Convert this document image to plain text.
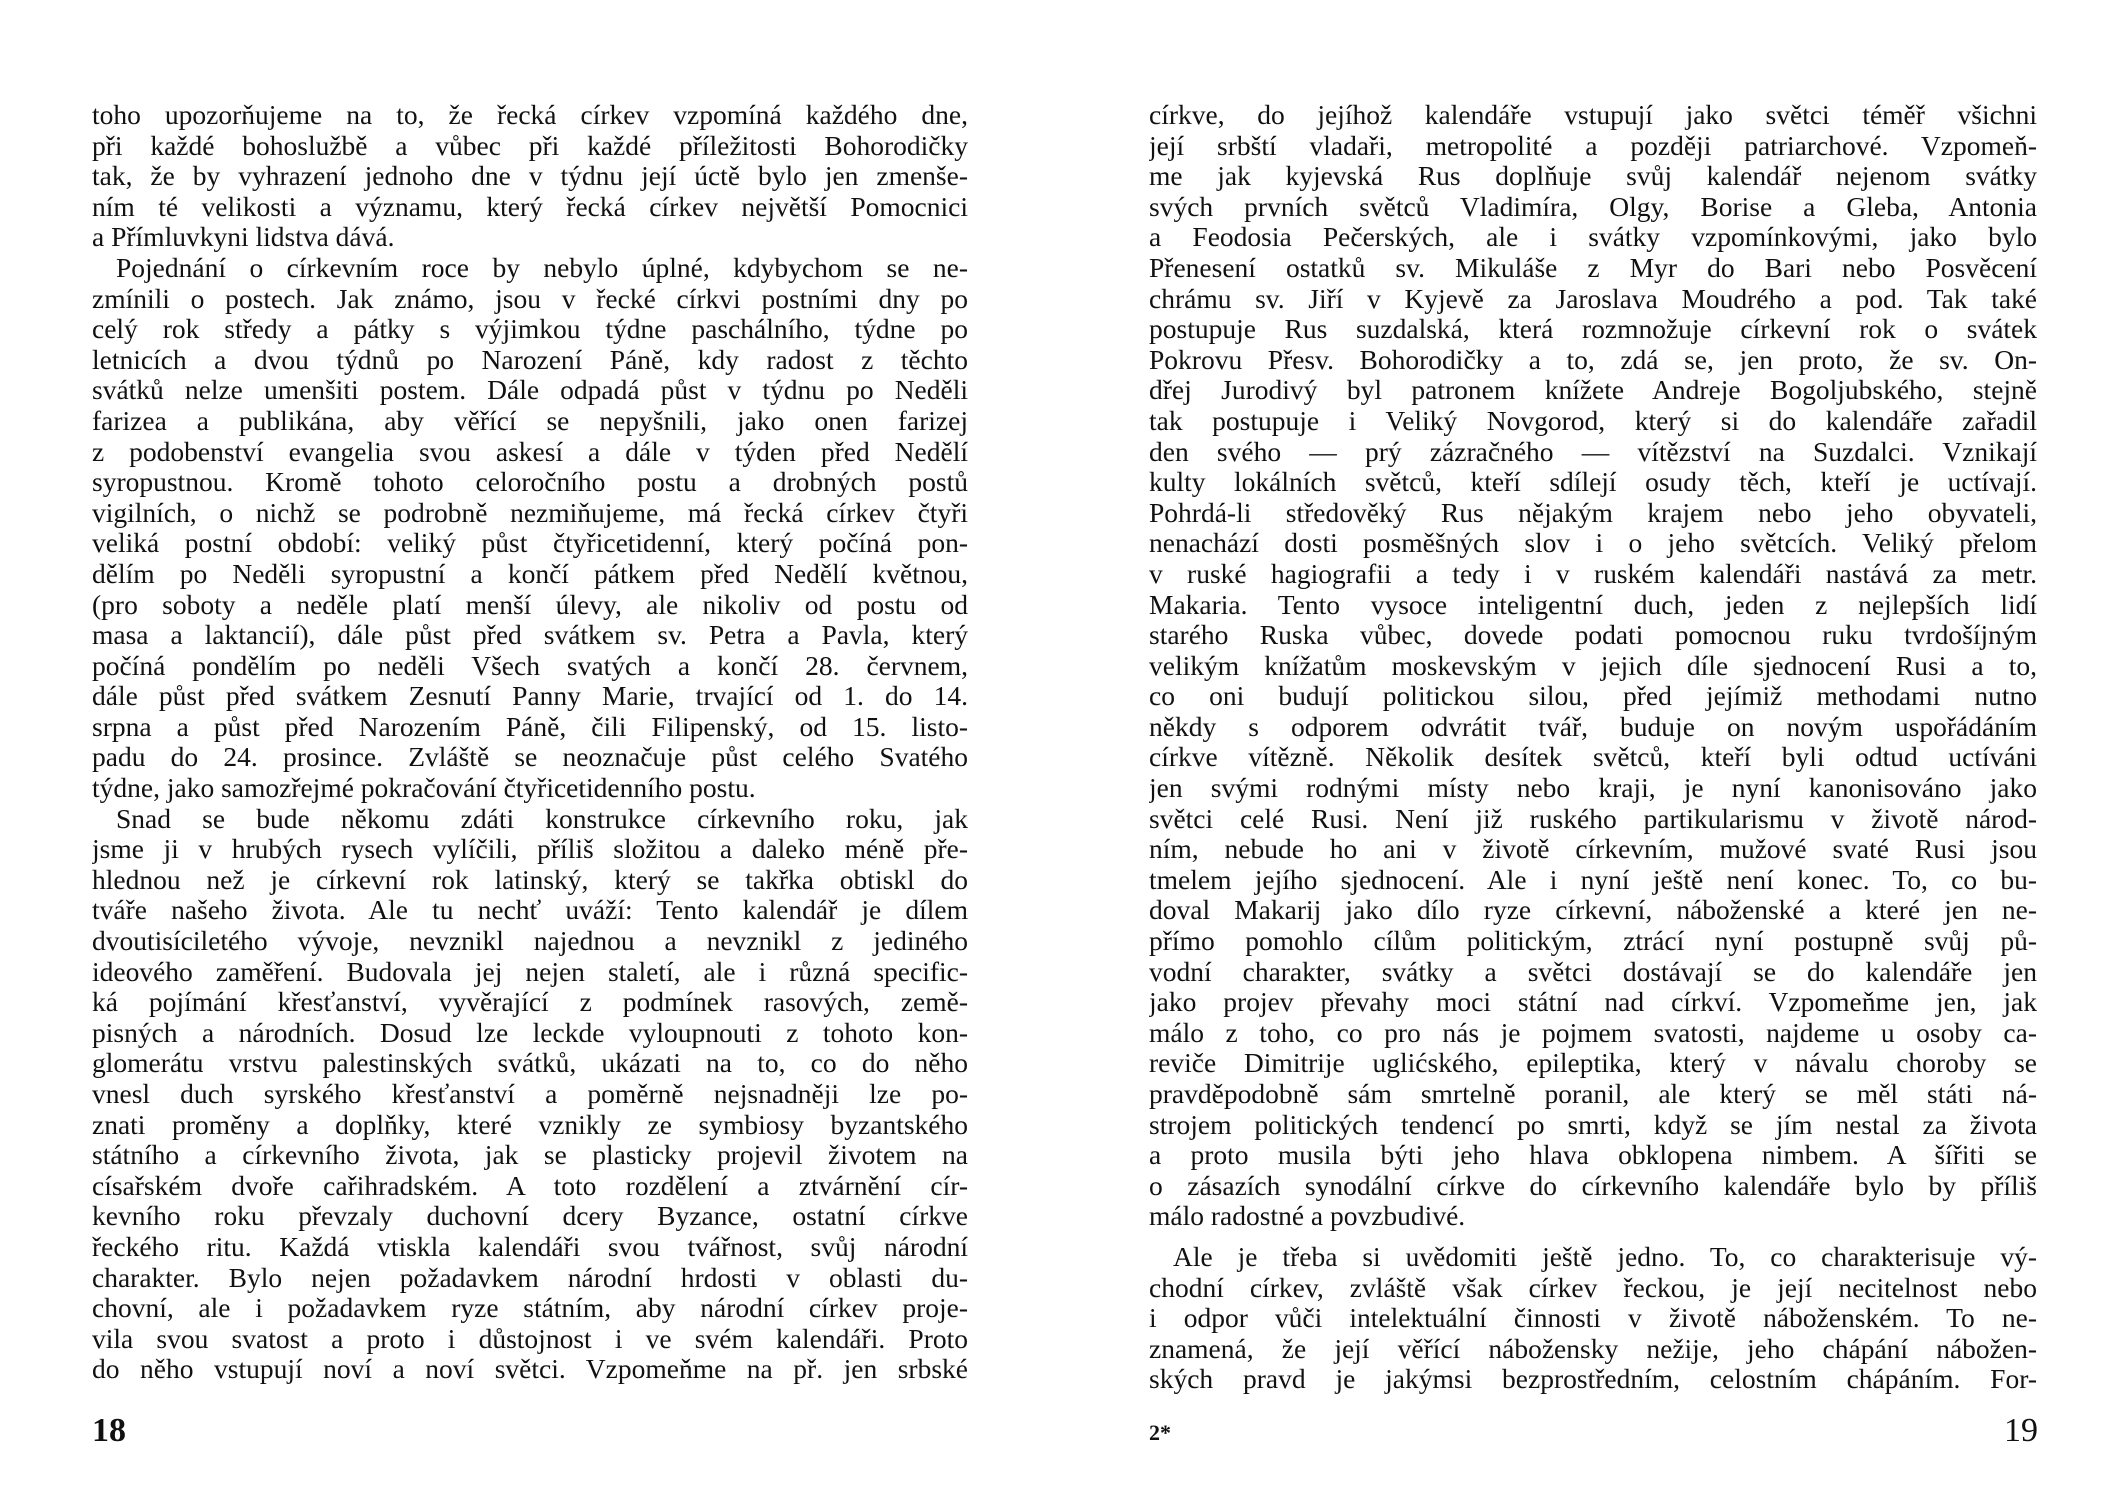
toho upozorňujeme na to, že řecká církev vzpomíná každého dne,
při každé bohoslužbě a vůbec při každé příležitosti Bohorodičky
tak, že by vyhrazení jednoho dne v týdnu její úctě bylo jen zmenše-
ním té velikosti a významu, který řecká církev největší Pomocnici
a Přímluvkyni lidstva dává.
Pojednání o církevním roce by nebylo úplné, kdybychom se ne-
zmínili o postech. Jak známo, jsou v řecké církvi postními dny po
celý rok středy a pátky s výjimkou týdne paschálního, týdne po
letnicích a dvou týdnů po Narození Páně, kdy radost z těchto
svátků nelze umenšiti postem. Dále odpadá půst v týdnu po Neděli
farizea a publikána, aby věřící se nepyšnili, jako onen farizej
z podobenství evangelia svou askesí a dále v týden před Nedělí
syropustnou. Kromě tohoto celoročního postu a drobných postů
vigilních, o nichž se podrobně nezmiňujeme, má řecká církev čtyři
veliká postní období: veliký půst čtyřicetidenní, který počíná pon-
dělím po Neděli syropustní a končí pátkem před Nedělí květnou,
(pro soboty a neděle platí menší úlevy, ale nikoliv od postu od
masa a laktancií), dále půst před svátkem sv. Petra a Pavla, který
počíná pondělím po neděli Všech svatých a končí 28. červnem,
dále půst před svátkem Zesnutí Panny Marie, trvající od 1. do 14.
srpna a půst před Narozením Páně, čili Filipenský, od 15. listo-
padu do 24. prosince. Zvláště se neoznačuje půst celého Svatého
týdne, jako samozřejmé pokračování čtyřicetidenního postu.
Snad se bude někomu zdáti konstrukce církevního roku, jak
jsme ji v hrubých rysech vylíčili, příliš složitou a daleko méně pře-
hlednou než je církevní rok latinský, který se takřka obtiskl do
tváře našeho života. Ale tu nechť uváží: Tento kalendář je dílem
dvoutisíciletého vývoje, nevznikl najednou a nevznikl z jediného
ideového zaměření. Budovala jej nejen staletí, ale i různá specific-
ká pojímání křesťanství, vyvěrající z podmínek rasových, země-
pisných a národních. Dosud lze leckde vyloupnouti z tohoto kon-
glomerátu vrstvu palestinských svátků, ukázati na to, co do něho
vnesl duch syrského křesťanství a poměrně nejsnadněji lze po-
znati proměny a doplňky, které vznikly ze symbiosy byzantského
státního a církevního života, jak se plasticky projevil životem na
císařském dvoře cařihradském. A toto rozdělení a ztvárnění cír-
kevního roku převzaly duchovní dcery Byzance, ostatní církve
řeckého ritu. Každá vtiskla kalendáři svou tvářnost, svůj národní
charakter. Bylo nejen požadavkem národní hrdosti v oblasti du-
chovní, ale i požadavkem ryze státním, aby národní církev proje-
vila svou svatost a proto i důstojnost i ve svém kalendáři. Proto
do něho vstupují noví a noví světci. Vzpomeňme na př. jen srbské
18
církve, do jejíhož kalendáře vstupují jako světci téměř všichni
její srbští vladaři, metropolité a později patriarchové. Vzpomeň-
me jak kyjevská Rus doplňuje svůj kalendář nejenom svátky
svých prvních světců Vladimíra, Olgy, Borise a Gleba, Antonia
a Feodosia Pečerských, ale i svátky vzpomínkovými, jako bylo
Přenesení ostatků sv. Mikuláše z Myr do Bari nebo Posvěcení
chrámu sv. Jiří v Kyjevě za Jaroslava Moudrého a pod. Tak také
postupuje Rus suzdalská, která rozmnožuje církevní rok o svátek
Pokrovu Přesv. Bohorodičky a to, zdá se, jen proto, že sv. On-
dřej Jurodivý byl patronem knížete Andreje Bogoljubského, stejně
tak postupuje i Veliký Novgorod, který si do kalendáře zařadil
den svého — prý zázračného — vítězství na Suzdalci. Vznikají
kulty lokálních světců, kteří sdílejí osudy těch, kteří je uctívají.
Pohrdá-li středověký Rus nějakým krajem nebo jeho obyvateli,
nenachází dosti posměšných slov i o jeho světcích. Veliký přelom
v ruské hagiografii a tedy i v ruském kalendáři nastává za metr.
Makaria. Tento vysoce inteligentní duch, jeden z nejlepších lidí
starého Ruska vůbec, dovede podati pomocnou ruku tvrdošíjným
velikým knížatům moskevským v jejich díle sjednocení Rusi a to,
co oni budují politickou silou, před jejímiž methodami nutno
někdy s odporem odvrátit tvář, buduje on novým uspořádáním
církve vítězně. Několik desítek světců, kteří byli odtud uctíváni
jen svými rodnými místy nebo kraji, je nyní kanonisováno jako
světci celé Rusi. Není již ruského partikularismu v životě národ-
ním, nebude ho ani v životě církevním, mužové svaté Rusi jsou
tmelem jejího sjednocení. Ale i nyní ještě není konec. To, co bu-
doval Makarij jako dílo ryze církevní, náboženské a které jen ne-
přímo pomohlo cílům politickým, ztrácí nyní postupně svůj pů-
vodní charakter, svátky a světci dostávají se do kalendáře jen
jako projev převahy moci státní nad církví. Vzpomeňme jen, jak
málo z toho, co pro nás je pojmem svatosti, najdeme u osoby ca-
reviče Dimitrije uglićského, epileptika, který v návalu choroby se
pravděpodobně sám smrtelně poranil, ale který se měl státi ná-
strojem politických tendencí po smrti, když se jím nestal za života
a proto musila býti jeho hlava obklopena nimbem. A šířiti se
o zásazích synodální církve do církevního kalendáře bylo by příliš
málo radostné a povzbudivé.
Ale je třeba si uvědomiti ještě jedno. To, co charakterisuje vý-
chodní církev, zvláště však církev řeckou, je její necitelnost nebo
i odpor vůči intelektuální činnosti v životě náboženském. To ne-
znamená, že její věřící nábožensky nežije, jeho chápání nábožen-
ských pravd je jakýmsi bezprostředním, celostním chápáním. For-
2*	19
